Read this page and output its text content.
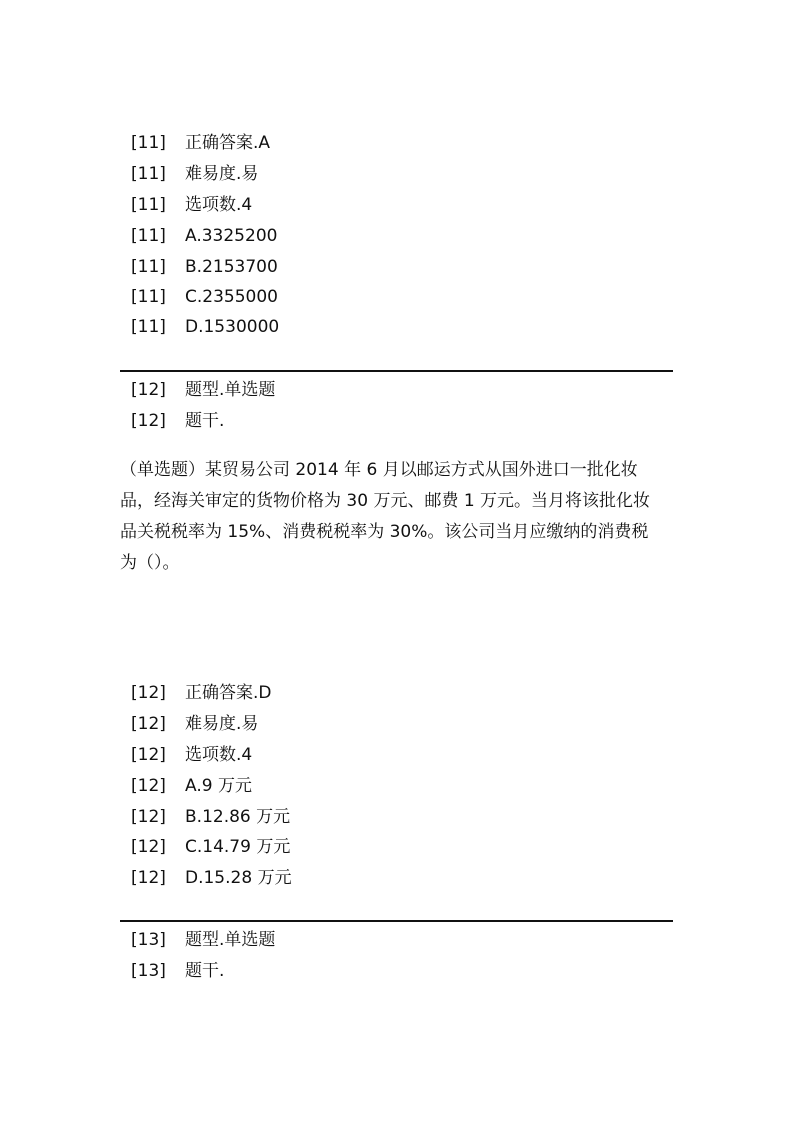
[11] 正确答案.A
[11] 难易度.易
[11] 选项数.4
[11] A.3325200
[11] B.2153700
[11] C.2355000
[11] D.1530000
[12] 题型.单选题
[12] 题干.

（单选题）某贸易公司 2014 年 6 月以邮运方式从国外进口一批化妆

品，经海关审定的货物价格为 30 万元、邮费 1 万元。当月将该批化妆

品关税税率为 15%、消费税税率为 30%。该公司当月应缴纳的消费税

为（）。

[12] 正确答案.D
[12] 难易度.易
[12] 选项数.4
[12] A.9 万元
[12] B.12.86 万元
[12] C.14.79 万元
[12] D.15.28 万元
[13] 题型.单选题
[13] 题干.
